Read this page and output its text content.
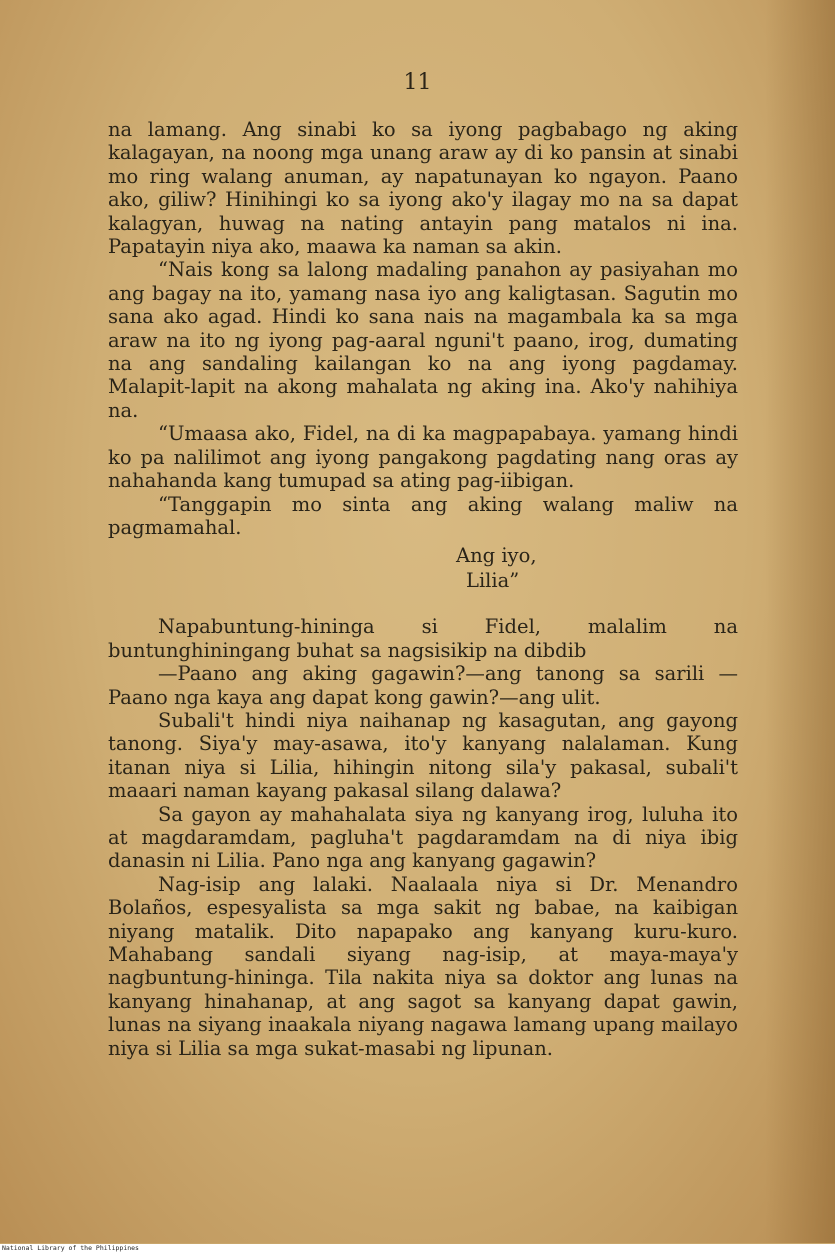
11

na lamang. Ang sinabi ko sa iyong pagbabago ng aking kalagayan, na noong mga unang araw ay di ko pansin at sinabi mo ring walang anuman, ay napatunayan ko ngayon. Paano ako, giliw? Hinihingi ko sa iyong ako'y ilagay mo na sa dapat kalagyan, huwag na nating antayin pang matalos ni ina. Papatayin niya ako, maawa ka naman sa akin.

“Nais kong sa lalong madaling panahon ay pasiyahan mo ang bagay na ito, yamang nasa iyo ang kaligtasan. Sagutin mo sana ako agad. Hindi ko sana nais na magambala ka sa mga araw na ito ng iyong pag-aaral nguni't paano, irog, dumating na ang sandaling kailangan ko na ang iyong pagdamay. Malapit-lapit na akong mahalata ng aking ina. Ako'y nahihiya na.

“Umaasa ako, Fidel, na di ka magpapabaya. yamang hindi ko pa nalilimot ang iyong pangakong pagdating nang oras ay nahahanda kang tumupad sa ating pag-iibigan.

“Tanggapin mo sinta ang aking walang maliw na pagmamahal.

Ang iyo,
Lilia”

Napabuntung-hininga si Fidel, malalim na buntunghiningang buhat sa nagsisikip na dibdib

—Paano ang aking gagawin?—ang tanong sa sarili —Paano nga kaya ang dapat kong gawin?—ang ulit.

Subali't hindi niya naihanap ng kasagutan, ang gayong tanong. Siya'y may-asawa, ito'y kanyang nalalaman. Kung itanan niya si Lilia, hihingin nitong sila'y pakasal, subali't maaari naman kayang pakasal silang dalawa?

Sa gayon ay mahahalata siya ng kanyang irog, luluha ito at magdaramdam, pagluha't pagdaramdam na di niya ibig danasin ni Lilia. Pano nga ang kanyang gagawin?

Nag-isip ang lalaki. Naalaala niya si Dr. Menandro Bolaños, espesyalista sa mga sakit ng babae, na kaibigan niyang matalik. Dito napapako ang kanyang kuru-kuro. Mahabang sandali siyang nag-isip, at maya-maya'y nagbuntung-hininga. Tila nakita niya sa doktor ang lunas na kanyang hinahanap, at ang sagot sa kanyang dapat gawin, lunas na siyang inaakala niyang nagawa lamang upang mailayo niya si Lilia sa mga sukat-masabi ng lipunan.

National Library of the Philippines
